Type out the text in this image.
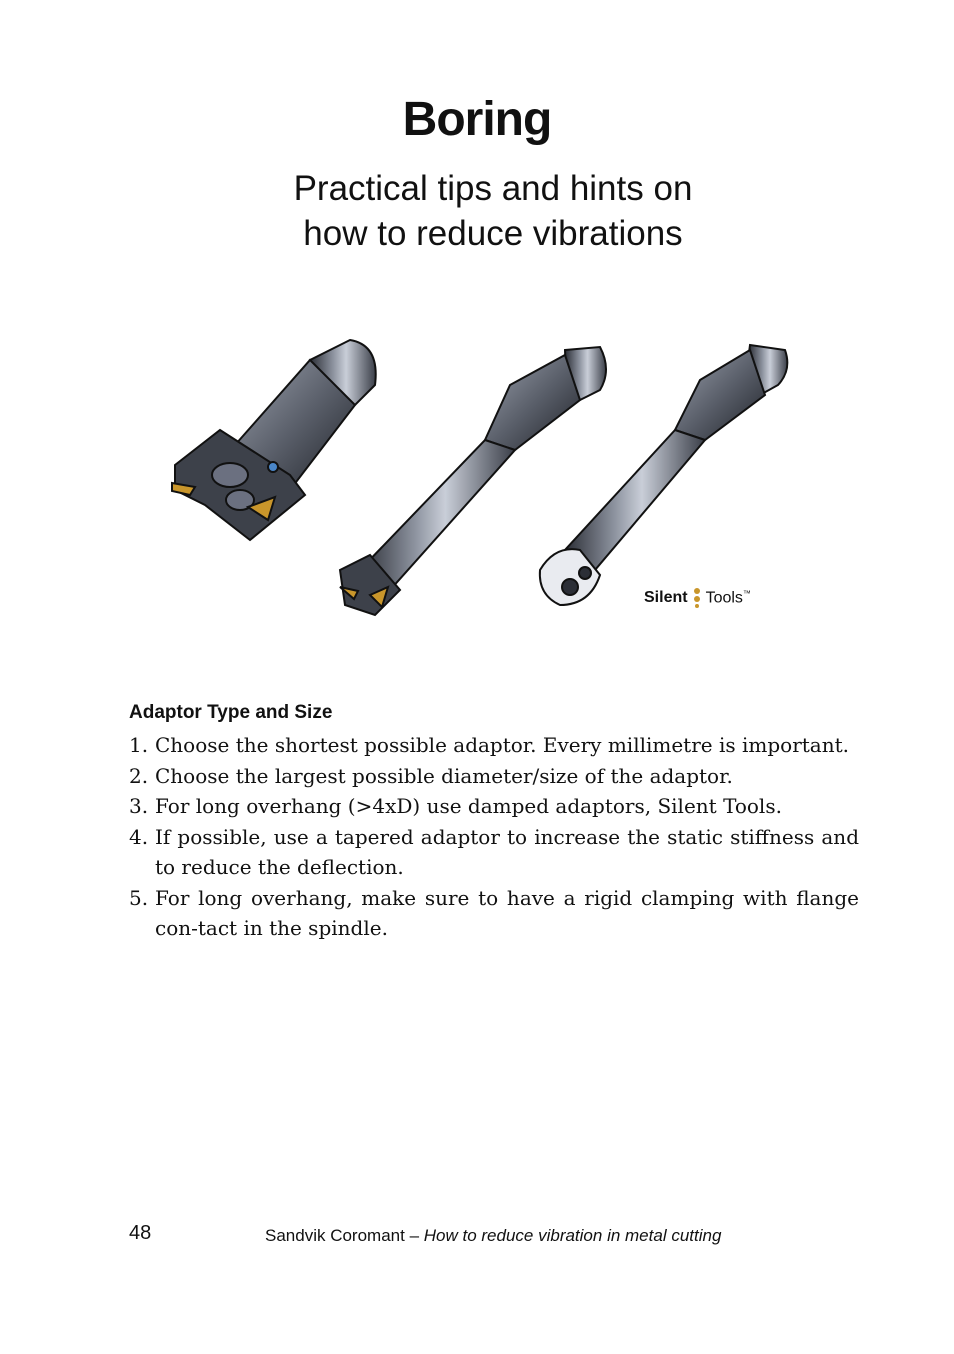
Boring
Practical tips and hints on
how to reduce vibrations
Silent Tools™
Adaptor Type and Size
1. Choose the shortest possible adaptor. Every millimetre is important.
2. Choose the largest possible diameter/size of the adaptor.
3. For long overhang (>4xD) use damped adaptors, Silent Tools.
4. If possible, use a tapered adaptor to increase the static stiffness and to reduce the deflection.
5. For long overhang, make sure to have a rigid clamping with flange con-tact in the spindle.
48	Sandvik Coromant – How to reduce vibration in metal cutting
